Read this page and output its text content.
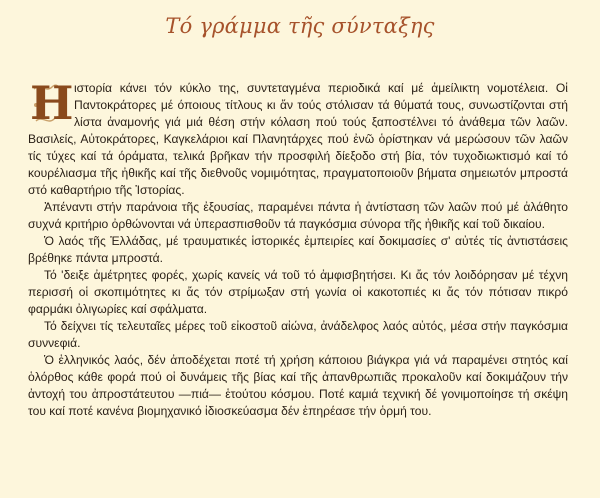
Τό γράμμα τῆς σύνταξης

Η ιστορία κάνει τόν κύκλο της, συντεταγμένα περιοδικά καί μέ ἀμείλικτη νομοτέλεια. Οἱ Παντοκράτορες μέ όποιους τίτλους κι ἄν τούς στόλισαν τά θύματά τους, συνωστίζονται στή λίστα ἀναμονής γιά μιά θέση στήν κόλαση πού τούς ξαποστέλνει τό ἀνάθεμα τῶν λαῶν. Βασιλείς, Αὐτοκράτορες, Καγκελάριοι καί Πλανητάρχες πού ἐνῶ ὁρίστηκαν νά μερώσουν τῶν λαῶν τίς τύχες καί τά όράματα, τελικά βρῆκαν τήν προσφιλή δίεξοδο στή βία, τόν τυχοδιωκτισμό καί τό κουρέλιασμα τῆς ἠθικῆς καί τῆς διεθνοῦς νομιμότητας, πραγματοποιοῦν βήματα σημειωτόν μπροστά στό καθαρτήριο τῆς Ἱστορίας.

Ἀπέναντι στήν παράνοια τῆς ἐξουσίας, παραμένει πάντα ἡ ἀντίσταση τῶν λαῶν πού μέ ἀλάθητο συχνά κριτήριο ὀρθώνονται νά ὑπερασπισθοῦν τά παγκόσμια σύνορα τῆς ἠθικῆς καί τοῦ δικαίου.

Ὁ λαός τῆς Ἑλλάδας, μέ τραυματικές ἱστορικές ἐμπειρίες καί δοκιμασίες σ' αὐτές τίς ἀντιστάσεις βρέθηκε πάντα μπροστά.

Τό 'δειξε ἀμέτρητες φορές, χωρίς κανείς νά τοῦ τό ἀμφισβητήσει. Κι ἄς τόν λοιδόρησαν μέ τέχνη περισσή οἱ σκοπιμότητες κι ἄς τόν στρίμωξαν στή γωνία οἱ κακοτοπιές κι ἄς τόν πότισαν πικρό φαρμάκι ὀλιγωρίες καί σφάλματα.

Τό δείχνει τίς τελευταῖες μέρες τοῦ εἰκοστοῦ αἰώνα, ἀνάδελφος λαός αὐτός, μέσα στήν παγκόσμια συννεφιά.

Ὁ ἑλληνικός λαός, δέν ἀποδέχεται ποτέ τή χρήση κάποιου βιάγκρα γιά νά παραμένει στητός καί ὁλόρθος κάθε φορά πού οἱ δυνάμεις τῆς βίας καί τῆς ἀπανθρωπιᾶς προκαλοῦν καί δοκιμάζουν τήν ἀντοχή του ἀπροστάτευτου —πιά— ἑτούτου κόσμου. Ποτέ καμιά τεχνική δέ γονιμοποίησε τή σκέψη του καί ποτέ κανένα βιομηχανικό ἰδιοσκεύασμα δέν ἐπηρέασε τήν ὁρμή του.
